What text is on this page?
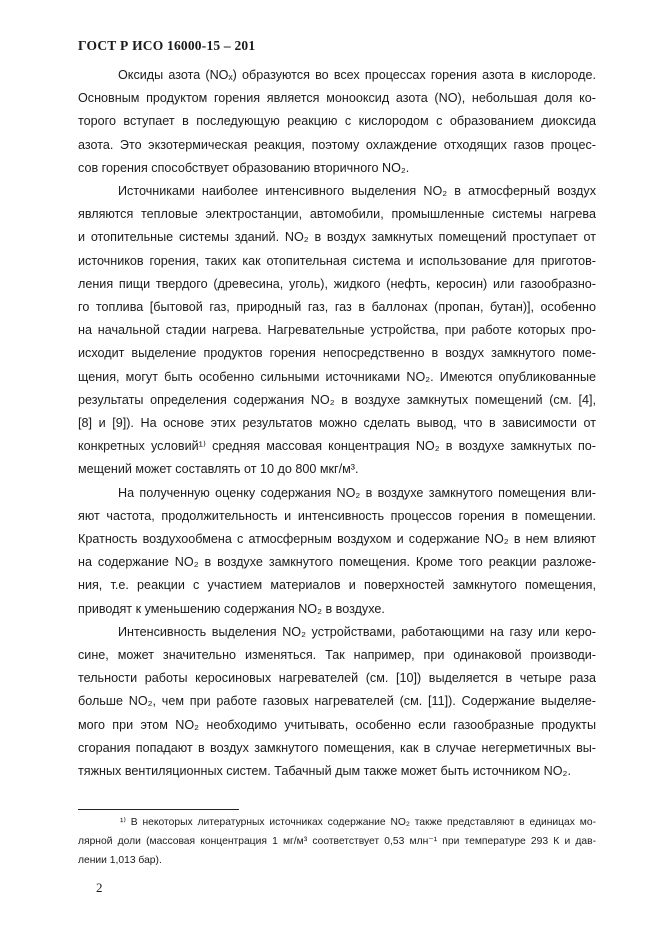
ГОСТ Р ИСО 16000-15 – 201

Оксиды азота (NOₓ) образуются во всех процессах горения азота в кислороде.
Основным продуктом горения является монооксид азота (NO), небольшая доля ко-
торого вступает в последующую реакцию с кислородом с образованием диоксида
азота. Это экзотермическая реакция, поэтому охлаждение отходящих газов процес-
сов горения способствует образованию вторичного NO₂.

Источниками наиболее интенсивного выделения NO₂ в атмосферный воздух
являются тепловые электростанции, автомобили, промышленные системы нагрева
и отопительные системы зданий. NO₂ в воздух замкнутых помещений проступает от
источников горения, таких как отопительная система и использование для приготов-
ления пищи твердого (древесина, уголь), жидкого (нефть, керосин) или газообразно-
го топлива [бытовой газ, природный газ, газ в баллонах (пропан, бутан)], особенно
на начальной стадии нагрева. Нагревательные устройства, при работе которых про-
исходит выделение продуктов горения непосредственно в воздух замкнутого поме-
щения, могут быть особенно сильными источниками NO₂. Имеются опубликованные
результаты определения содержания NO₂ в воздухе замкнутых помещений (см. [4],
[8] и [9]). На основе этих результатов можно сделать вывод, что в зависимости от
конкретных условий¹⁾ средняя массовая концентрация NO₂ в воздухе замкнутых по-
мещений может составлять от 10 до 800 мкг/м³.

На полученную оценку содержания NO₂ в воздухе замкнутого помещения вли-
яют частота, продолжительность и интенсивность процессов горения в помещении.
Кратность воздухообмена с атмосферным воздухом и содержание NO₂ в нем влияют
на содержание NO₂ в воздухе замкнутого помещения. Кроме того реакции разложе-
ния, т.е. реакции с участием материалов и поверхностей замкнутого помещения,
приводят к уменьшению содержания NO₂ в воздухе.

Интенсивность выделения NO₂ устройствами, работающими на газу или керо-
сине, может значительно изменяться. Так например, при одинаковой производи-
тельности работы керосиновых нагревателей (см. [10]) выделяется в четыре раза
больше NO₂, чем при работе газовых нагревателей (см. [11]). Содержание выделяе-
мого при этом NO₂ необходимо учитывать, особенно если газообразные продукты
сгорания попадают в воздух замкнутого помещения, как в случае негерметичных вы-
тяжных вентиляционных систем. Табачный дым также может быть источником NO₂.

¹⁾ В некоторых литературных источниках содержание NO₂ также представляют в единицах мо-
лярной доли (массовая концентрация 1 мг/м³ соответствует 0,53 млн⁻¹ при температуре 293 К и дав-
лении 1,013 бар).
2
